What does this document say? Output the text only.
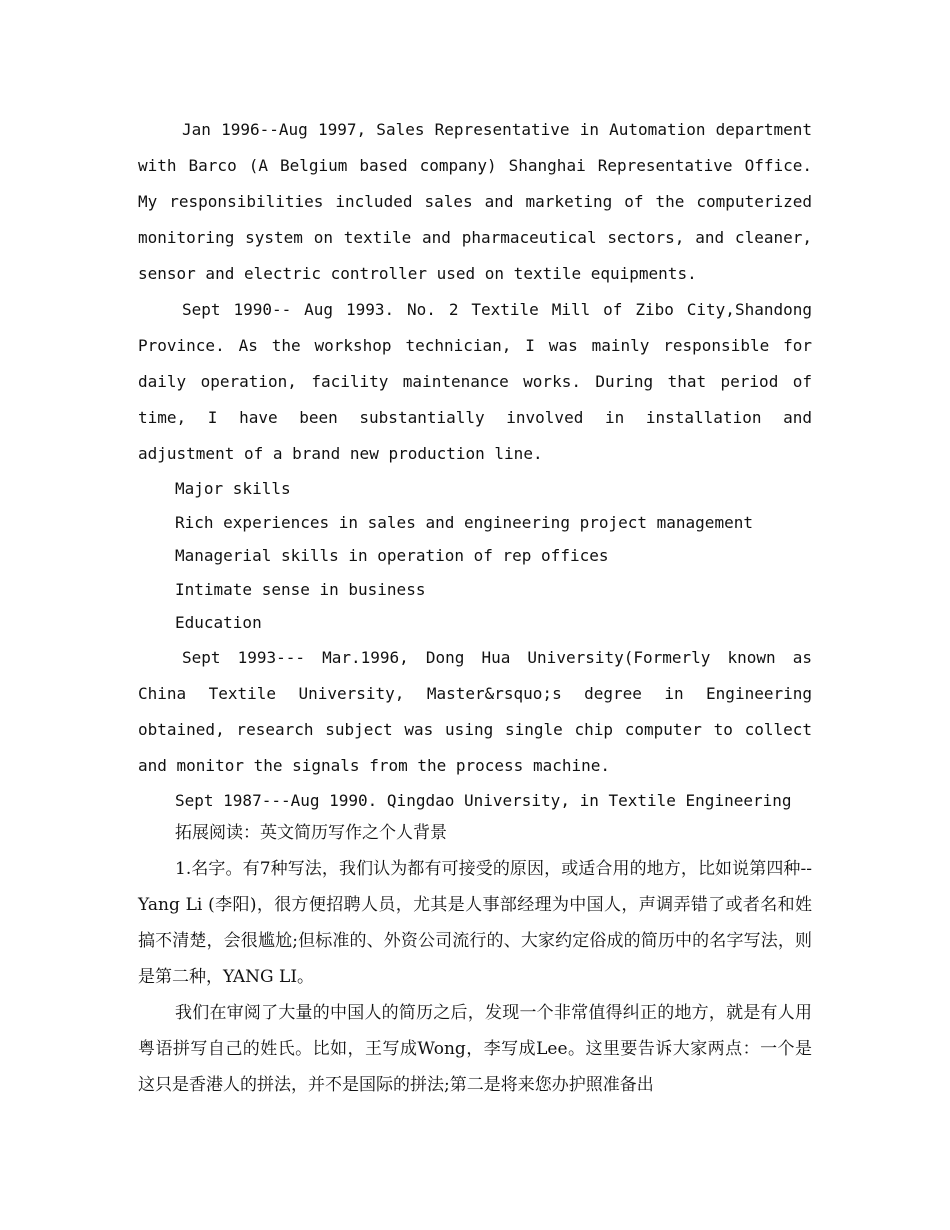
Jan 1996--Aug 1997, Sales Representative in Automation department with Barco (A Belgium based company) Shanghai Representative Office. My responsibilities included sales and marketing of the computerized monitoring system on textile and pharmaceutical sectors, and cleaner, sensor and electric controller used on textile equipments.

Sept 1990-- Aug 1993. No. 2 Textile Mill of Zibo City,Shandong Province. As the workshop technician, I was mainly responsible for daily operation, facility maintenance works. During that period of time, I have been substantially involved in installation and adjustment of a brand new production line.

Major skills

Rich experiences in sales and engineering project management

Managerial skills in operation of rep offices

Intimate sense in business

Education

Sept 1993--- Mar.1996, Dong Hua University(Formerly known as China Textile University, Master&rsquo;s degree in Engineering obtained, research subject was using single chip computer to collect and monitor the signals from the process machine.

Sept 1987---Aug 1990. Qingdao University, in Textile Engineering

拓展阅读：英文简历写作之个人背景

1.名字。有7种写法，我们认为都有可接受的原因，或适合用的地方，比如说第四种--Yang Li (李阳)，很方便招聘人员，尤其是人事部经理为中国人，声调弄错了或者名和姓搞不清楚，会很尴尬;但标准的、外资公司流行的、大家约定俗成的简历中的名字写法，则是第二种，YANG LI。

我们在审阅了大量的中国人的简历之后，发现一个非常值得纠正的地方，就是有人用粤语拼写自己的姓氏。比如，王写成Wong，李写成Lee。这里要告诉大家两点：一个是这只是香港人的拼法，并不是国际的拼法;第二是将来您办护照准备出
